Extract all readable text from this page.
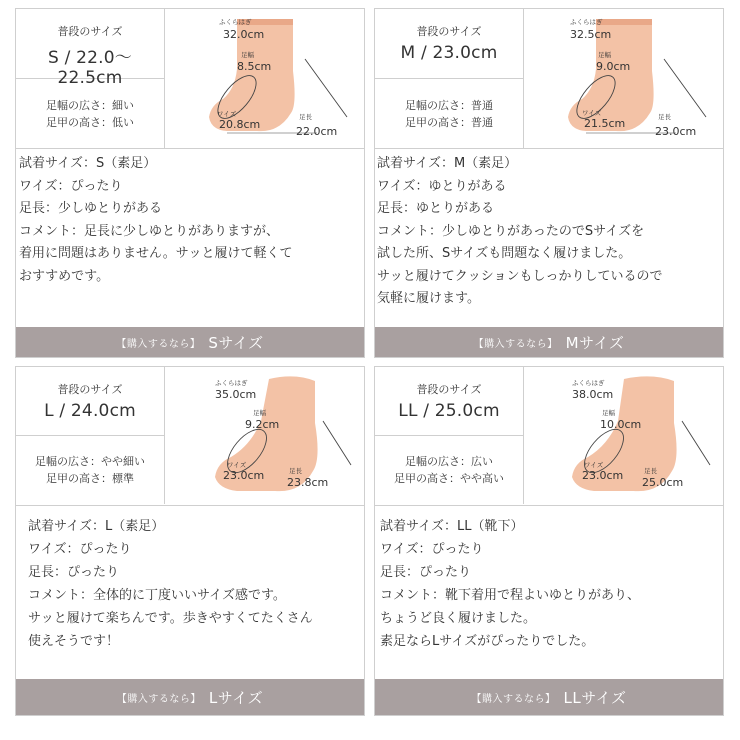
普段のサイズ
S / 22.0〜22.5cm
足幅の広さ：細い
足甲の高さ：低い
ふくらはぎ
32.0cm
足幅
8.5cm
ワイズ
20.8cm
足長
22.0cm
試着サイズ：S（素足）
ワイズ：ぴったり
足長：少しゆとりがある
コメント：足長に少しゆとりがありますが、
着用に問題はありません。サッと履けて軽くて
おすすめです。
【購入するなら】 Sサイズ
普段のサイズ
M / 23.0cm
足幅の広さ：普通
足甲の高さ：普通
ふくらはぎ
32.5cm
足幅
9.0cm
ワイズ
21.5cm	足長
23.0cm
試着サイズ：M（素足）
ワイズ：ゆとりがある
足長：ゆとりがある
コメント：少しゆとりがあったのでSサイズを
試した所、Sサイズも問題なく履けました。
サッと履けてクッションもしっかりしているので
気軽に履けます。
【購入するなら】 Mサイズ
普段のサイズ
L / 24.0cm
足幅の広さ：やや細い
足甲の高さ：標準
ふくらはぎ
35.0cm
足幅
9.2cm
ワイズ
23.0cm	足長
23.8cm
試着サイズ：L（素足）
ワイズ：ぴったり
足長：ぴったり
コメント：全体的に丁度いいサイズ感です。
サッと履けて楽ちんです。歩きやすくてたくさん
使えそうです！
【購入するなら】 Lサイズ
普段のサイズ
LL / 25.0cm
足幅の広さ：広い
足甲の高さ：やや高い
ふくらはぎ
38.0cm
足幅
10.0cm
ワイズ
23.0cm	足長
25.0cm
試着サイズ：LL（靴下）
ワイズ：ぴったり
足長：ぴったり
コメント：靴下着用で程よいゆとりがあり、
ちょうど良く履けました。
素足ならLサイズがぴったりでした。
【購入するなら】 LLサイズ
